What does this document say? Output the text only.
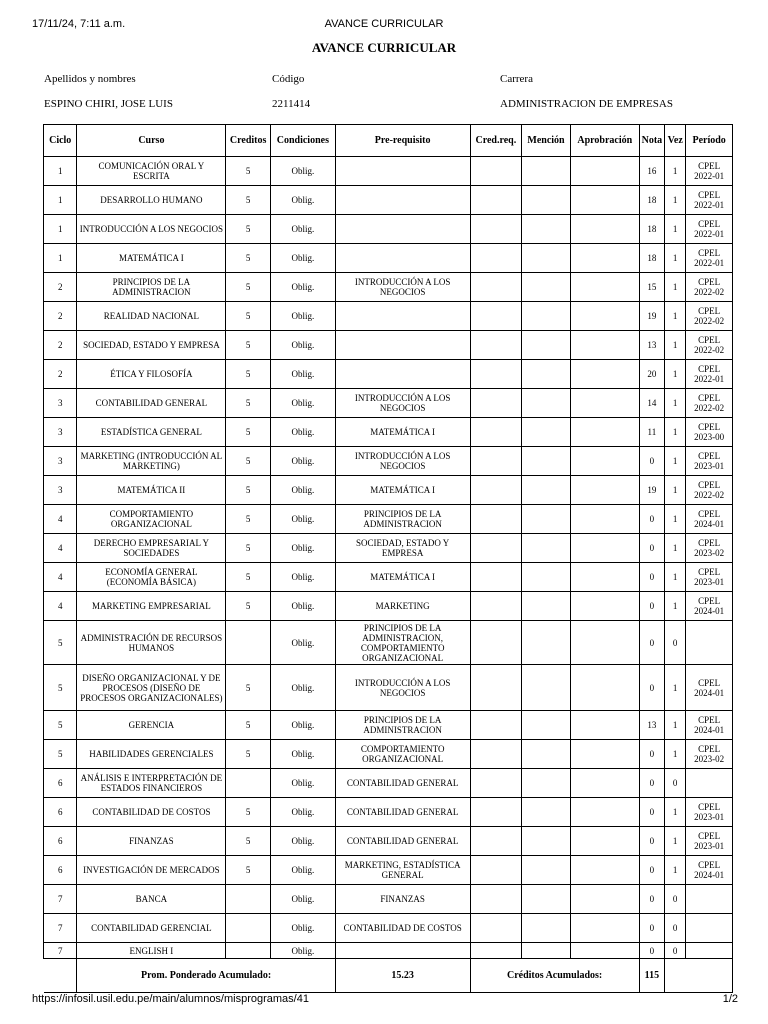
17/11/24, 7:11 a.m.	AVANCE CURRICULAR
AVANCE CURRICULAR
Apellidos y nombres	Código	Carrera
ESPINO CHIRI, JOSE LUIS	2211414	ADMINISTRACION DE EMPRESAS
Ciclo	Curso	Creditos	Condiciones	Pre-requisito	Cred.req.	Mención	Aprobración	Nota	Vez	Período
1	COMUNICACIÓN ORAL Y ESCRITA	5	Oblig.					16	1	CPEL 2022-01
1	DESARROLLO HUMANO	5	Oblig.					18	1	CPEL 2022-01
1	INTRODUCCIÓN A LOS NEGOCIOS	5	Oblig.					18	1	CPEL 2022-01
1	MATEMÁTICA I	5	Oblig.					18	1	CPEL 2022-01
2	PRINCIPIOS DE LA ADMINISTRACION	5	Oblig.	INTRODUCCIÓN A LOS NEGOCIOS				15	1	CPEL 2022-02
2	REALIDAD NACIONAL	5	Oblig.					19	1	CPEL 2022-02
2	SOCIEDAD, ESTADO Y EMPRESA	5	Oblig.					13	1	CPEL 2022-02
2	ÉTICA Y FILOSOFÍA	5	Oblig.					20	1	CPEL 2022-01
3	CONTABILIDAD GENERAL	5	Oblig.	INTRODUCCIÓN A LOS NEGOCIOS				14	1	CPEL 2022-02
3	ESTADÍSTICA GENERAL	5	Oblig.	MATEMÁTICA I				11	1	CPEL 2023-00
3	MARKETING (INTRODUCCIÓN AL MARKETING)	5	Oblig.	INTRODUCCIÓN A LOS NEGOCIOS				0	1	CPEL 2023-01
3	MATEMÁTICA II	5	Oblig.	MATEMÁTICA I				19	1	CPEL 2022-02
4	COMPORTAMIENTO ORGANIZACIONAL	5	Oblig.	PRINCIPIOS DE LA ADMINISTRACION				0	1	CPEL 2024-01
4	DERECHO EMPRESARIAL Y SOCIEDADES	5	Oblig.	SOCIEDAD, ESTADO Y EMPRESA				0	1	CPEL 2023-02
4	ECONOMÍA GENERAL (ECONOMÍA BÁSICA)	5	Oblig.	MATEMÁTICA I				0	1	CPEL 2023-01
4	MARKETING EMPRESARIAL	5	Oblig.	MARKETING				0	1	CPEL 2024-01
5	ADMINISTRACIÓN DE RECURSOS HUMANOS		Oblig.	PRINCIPIOS DE LA ADMINISTRACION, COMPORTAMIENTO ORGANIZACIONAL				0	0	
5	DISEÑO ORGANIZACIONAL Y DE PROCESOS (DISEÑO DE PROCESOS ORGANIZACIONALES)	5	Oblig.	INTRODUCCIÓN A LOS NEGOCIOS				0	1	CPEL 2024-01
5	GERENCIA	5	Oblig.	PRINCIPIOS DE LA ADMINISTRACION				13	1	CPEL 2024-01
5	HABILIDADES GERENCIALES	5	Oblig.	COMPORTAMIENTO ORGANIZACIONAL				0	1	CPEL 2023-02
6	ANÁLISIS E INTERPRETACIÓN DE ESTADOS FINANCIEROS		Oblig.	CONTABILIDAD GENERAL				0	0	
6	CONTABILIDAD DE COSTOS	5	Oblig.	CONTABILIDAD GENERAL				0	1	CPEL 2023-01
6	FINANZAS	5	Oblig.	CONTABILIDAD GENERAL				0	1	CPEL 2023-01
6	INVESTIGACIÓN DE MERCADOS	5	Oblig.	MARKETING, ESTADÍSTICA GENERAL				0	1	CPEL 2024-01
7	BANCA		Oblig.	FINANZAS				0	0	
7	CONTABILIDAD GERENCIAL		Oblig.	CONTABILIDAD DE COSTOS				0	0	
7	ENGLISH I		Oblig.					0	0	
	Prom. Ponderado Acumulado:			15.23	Créditos Acumulados:			115		
https://infosil.usil.edu.pe/main/alumnos/misprogramas/41	1/2
